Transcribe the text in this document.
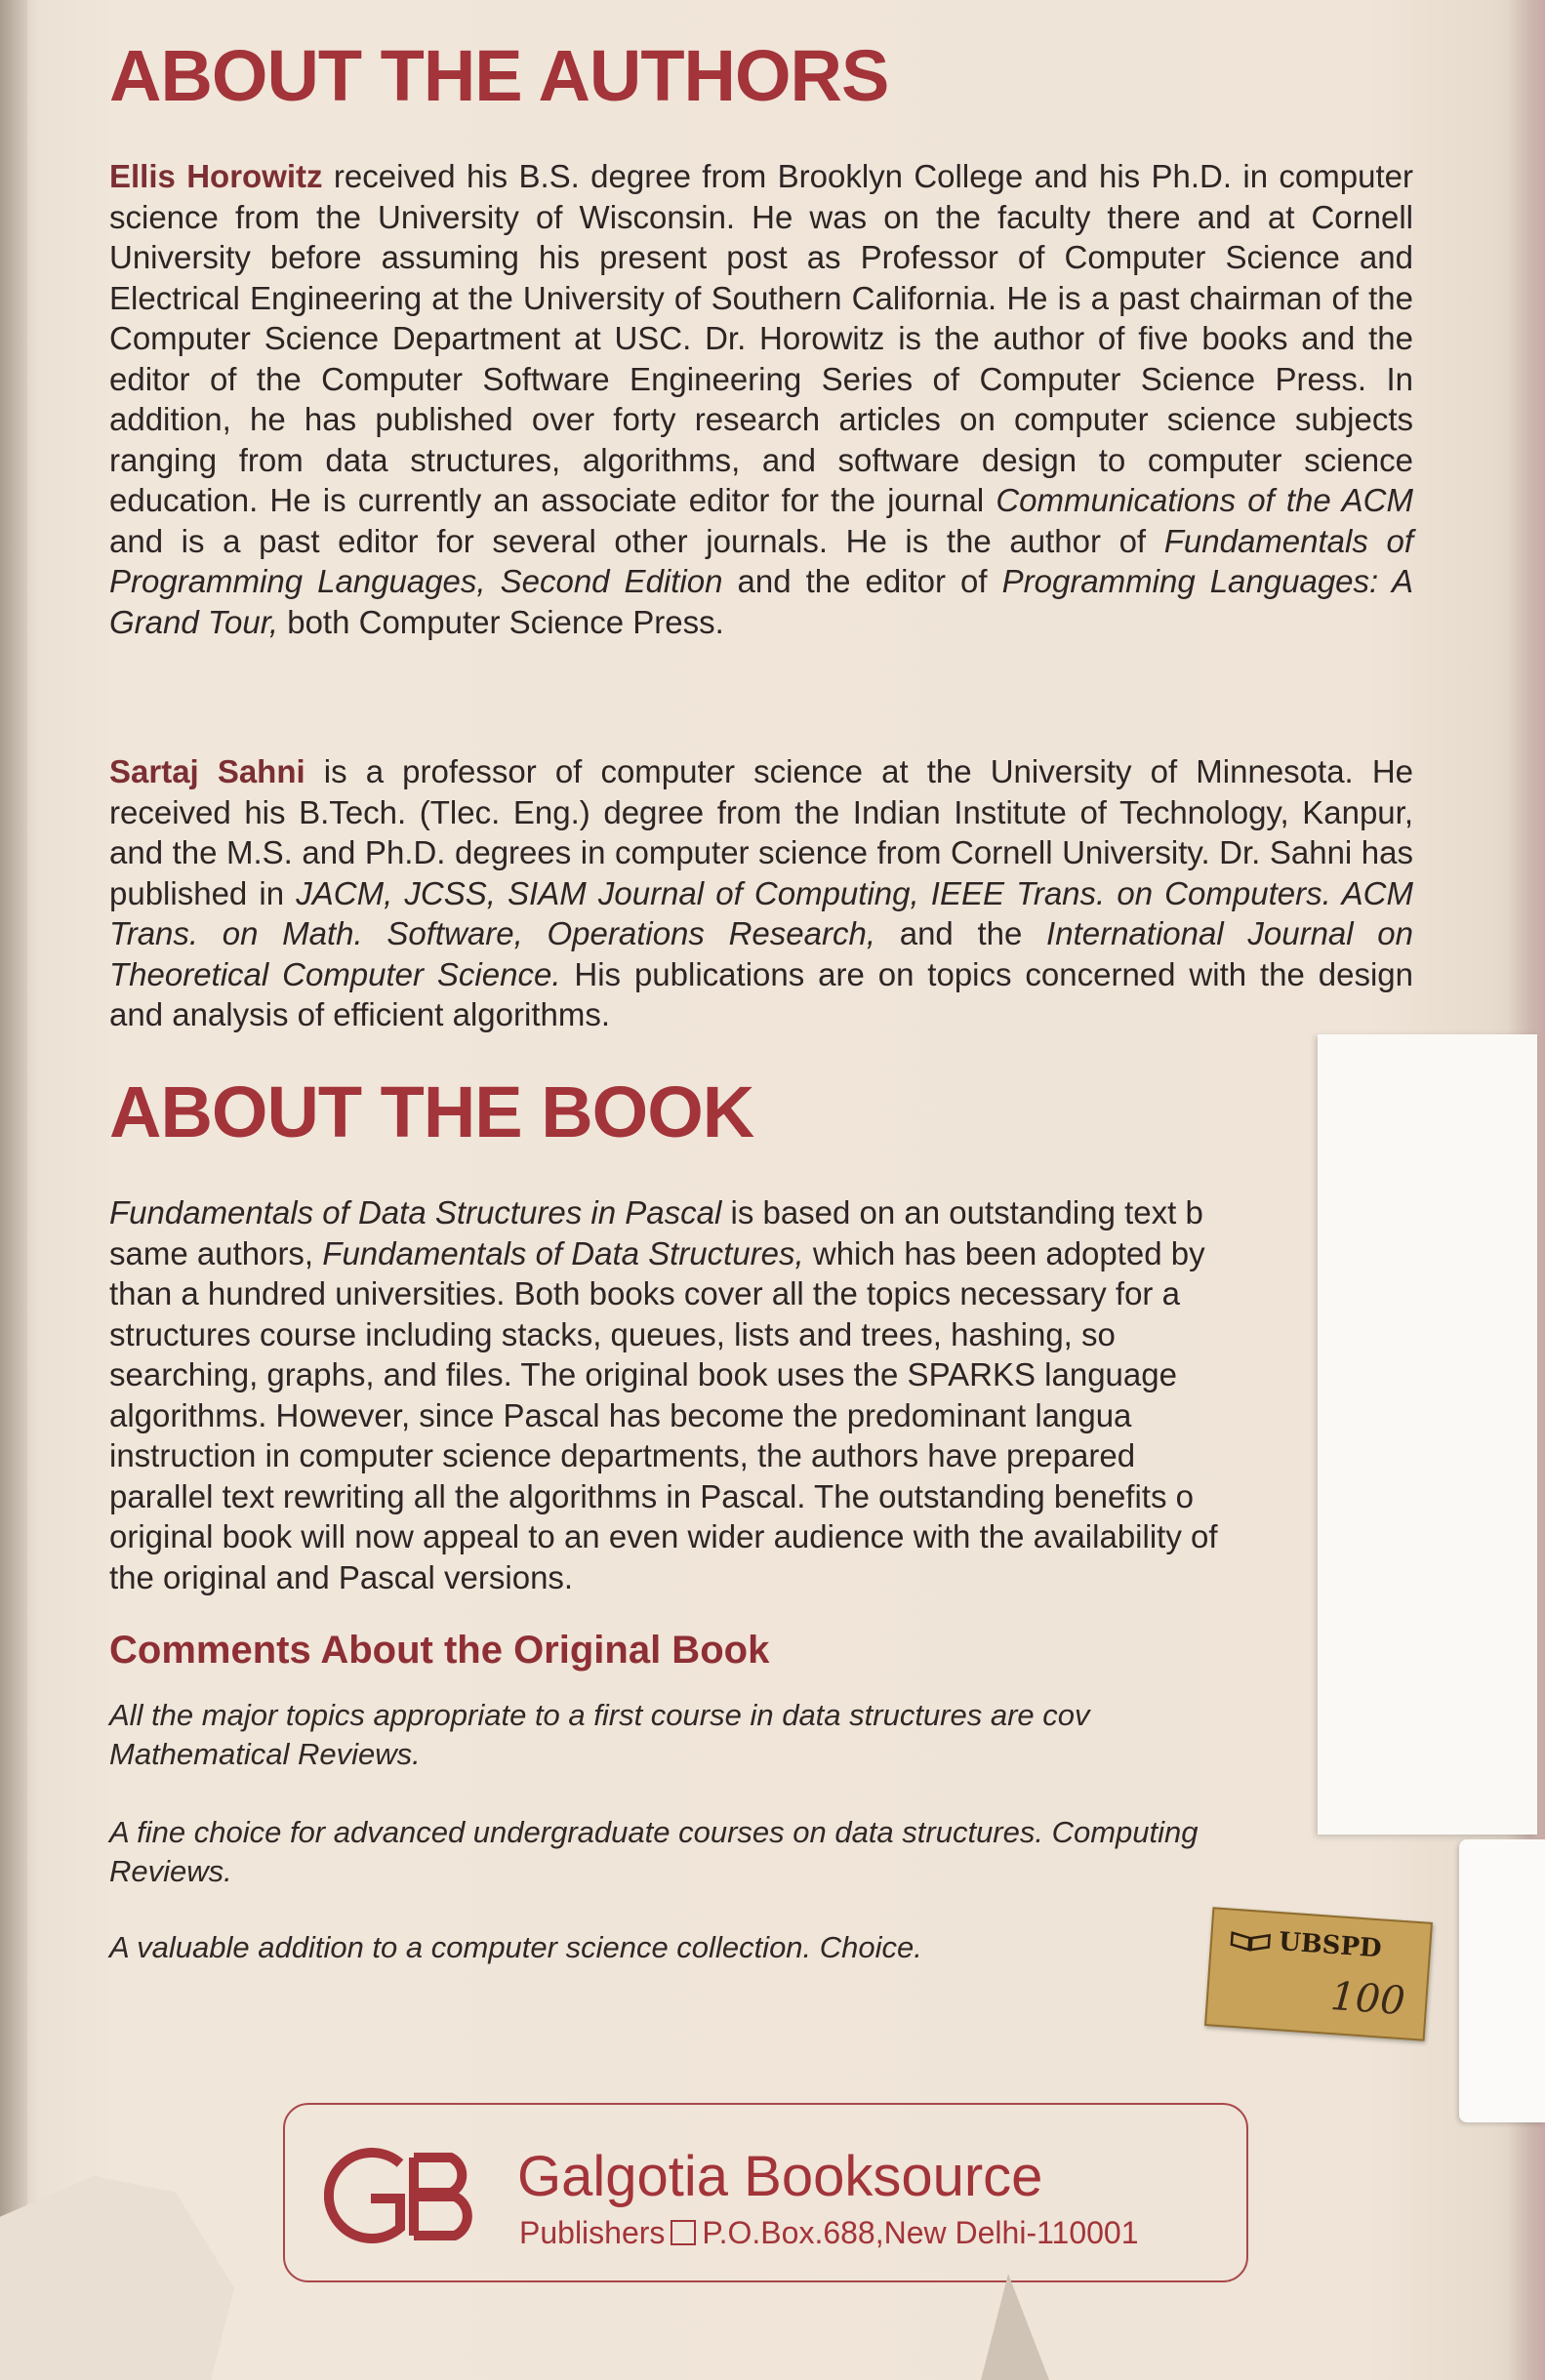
ABOUT THE AUTHORS

Ellis Horowitz received his B.S. degree from Brooklyn College and his Ph.D. in computer science from the University of Wisconsin. He was on the faculty there and at Cornell University before assuming his present post as Professor of Computer Science and Electrical Engineering at the University of Southern California. He is a past chairman of the Computer Science Department at USC. Dr. Horowitz is the author of five books and the editor of the Computer Software Engineering Series of Computer Science Press. In addition, he has published over forty research articles on computer science subjects ranging from data structures, algorithms, and software design to computer science education. He is currently an associate editor for the journal Communications of the ACM and is a past editor for several other journals. He is the author of Fundamentals of Programming Languages, Second Edition and the editor of Programming Languages: A Grand Tour, both Computer Science Press.

Sartaj Sahni is a professor of computer science at the University of Minnesota. He received his B.Tech. (Tlec. Eng.) degree from the Indian Institute of Technology, Kanpur, and the M.S. and Ph.D. degrees in computer science from Cornell University. Dr. Sahni has published in JACM, JCSS, SIAM Journal of Computing, IEEE Trans. on Computers. ACM Trans. on Math. Software, Operations Research, and the International Journal on Theoretical Computer Science. His publications are on topics concerned with the design and analysis of efficient algorithms.

ABOUT THE BOOK
Fundamentals of Data Structures in Pascal is based on an outstanding text b
same authors, Fundamentals of Data Structures, which has been adopted by
than a hundred universities. Both books cover all the topics necessary for a
structures course including stacks, queues, lists and trees, hashing, so
searching, graphs, and files. The original book uses the SPARKS language
algorithms. However, since Pascal has become the predominant langua
instruction in computer science departments, the authors have prepared
parallel text rewriting all the algorithms in Pascal. The outstanding benefits o
original book will now appeal to an even wider audience with the availability of
the original and Pascal versions.
Comments About the Original Book
All the major topics appropriate to a first course in data structures are cov
Mathematical Reviews.
A fine choice for advanced undergraduate courses on data structures. Computing
Reviews.
A valuable addition to a computer science collection. Choice.	UBSPD
100

Galgotia Booksource

Publishers P.O.Box.688,New Delhi-110001
